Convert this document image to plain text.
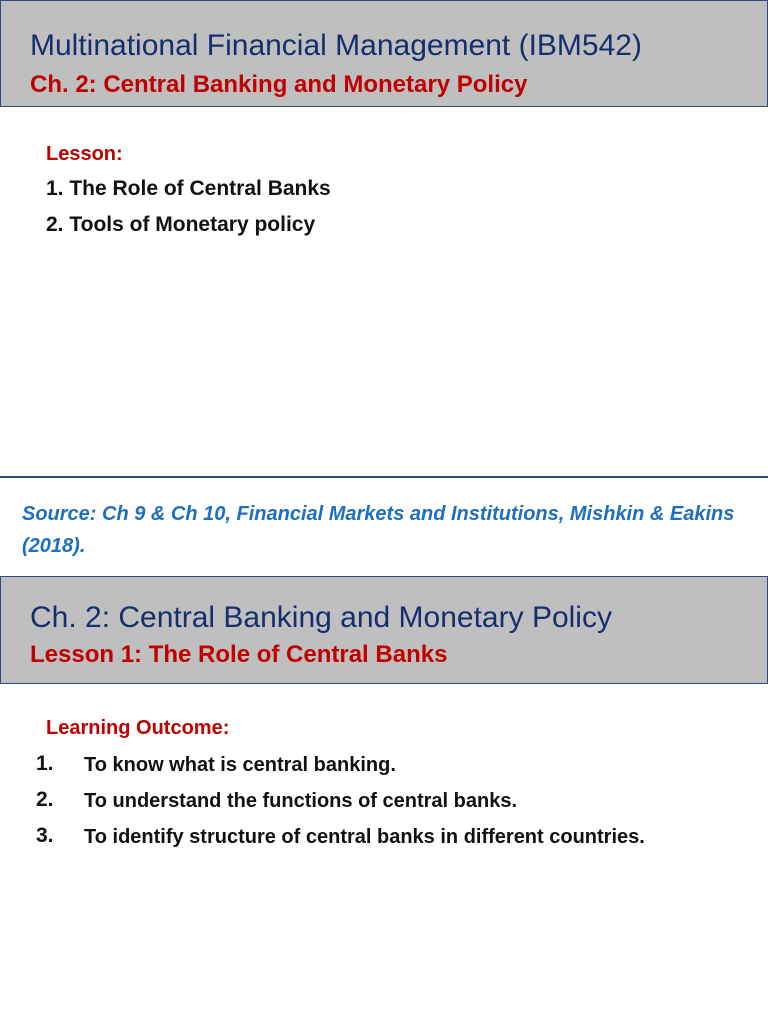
Multinational Financial Management (IBM542)
Ch. 2: Central Banking and Monetary Policy
Lesson:
1. The Role of Central Banks
2. Tools of Monetary policy
Source: Ch 9 & Ch 10, Financial Markets and Institutions, Mishkin & Eakins (2018).
Ch. 2: Central Banking and Monetary Policy
Lesson 1: The Role of Central Banks
Learning Outcome:
1. To know what is central banking.
2. To understand the functions of central banks.
3. To identify structure of central banks in different countries.
